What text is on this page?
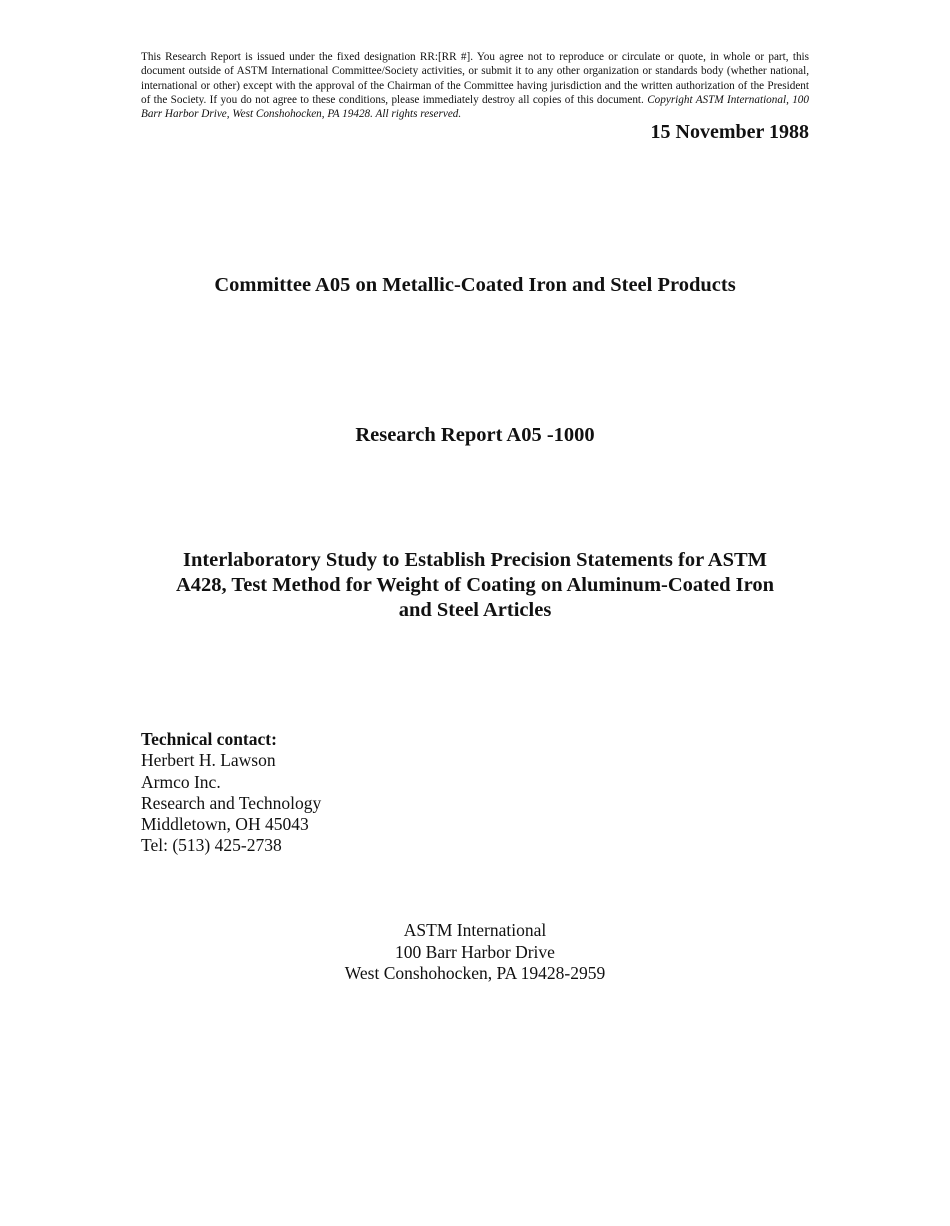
This Research Report is issued under the fixed designation RR:[RR #]. You agree not to reproduce or circulate or quote, in whole or part, this document outside of ASTM International Committee/Society activities, or submit it to any other organization or standards body (whether national, international or other) except with the approval of the Chairman of the Committee having jurisdiction and the written authorization of the President of the Society. If you do not agree to these conditions, please immediately destroy all copies of this document. Copyright ASTM International, 100 Barr Harbor Drive, West Conshohocken, PA 19428. All rights reserved.
15 November 1988
Committee A05 on Metallic-Coated Iron and Steel Products
Research Report A05 -1000
Interlaboratory Study to Establish Precision Statements for ASTM
A428, Test Method for Weight of Coating on Aluminum-Coated Iron
and Steel Articles
Technical contact:
Herbert H. Lawson
Armco Inc.
Research and Technology
Middletown, OH 45043
Tel: (513) 425-2738
ASTM International
100 Barr Harbor Drive
West Conshohocken, PA 19428-2959
